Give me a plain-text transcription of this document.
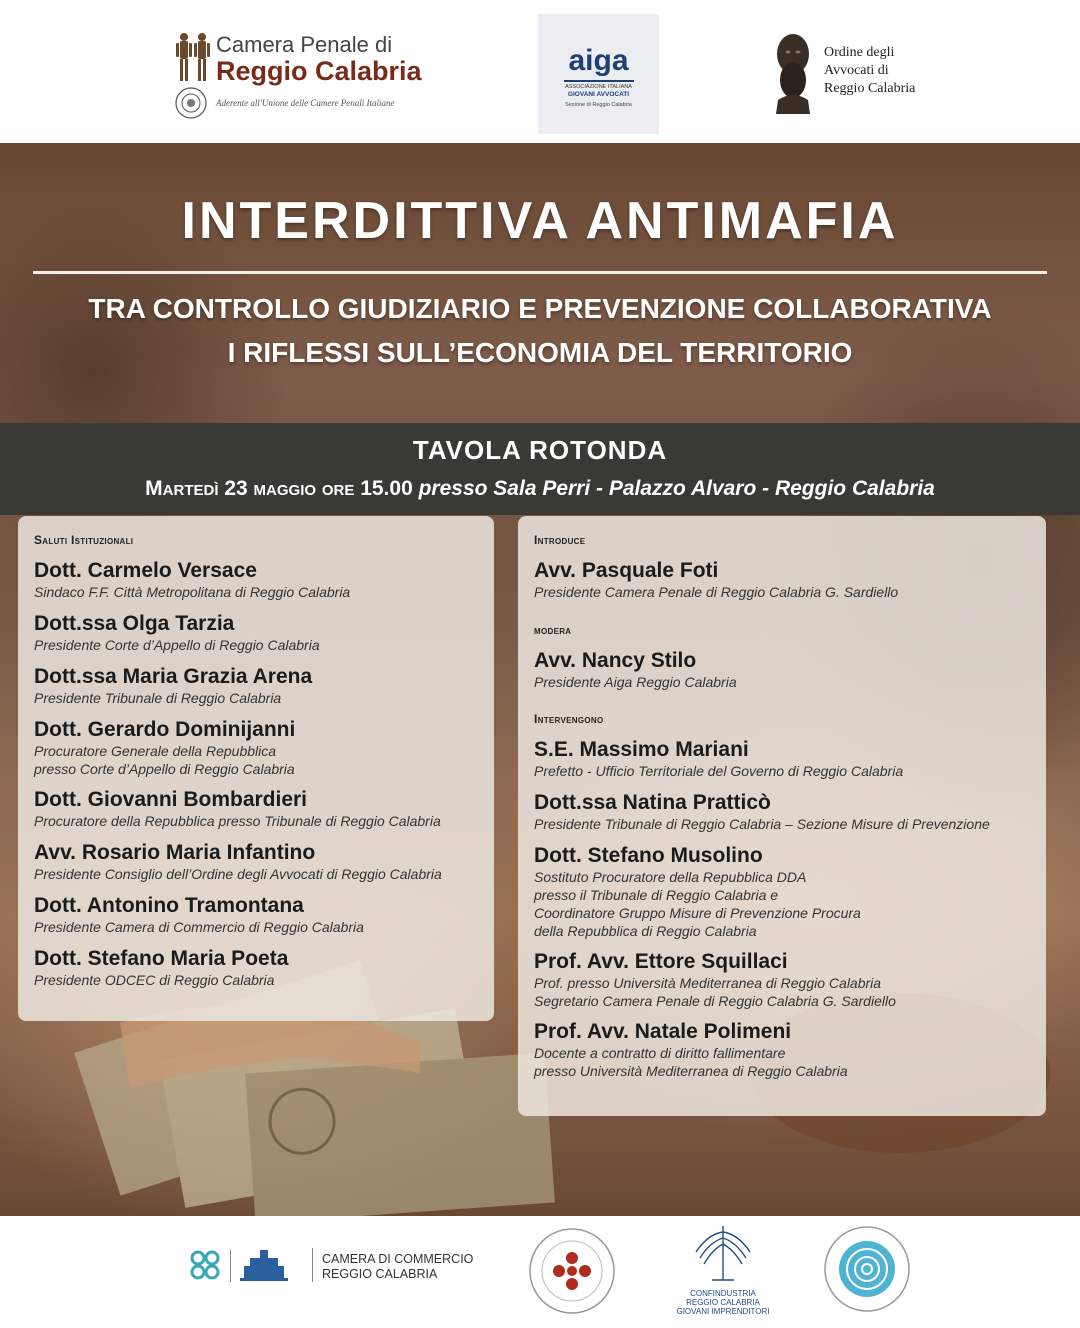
Camera Penale di
Reggio Calabria
Aderente all'Unione delle Camere Penali Italiane
aiga
ASSOCIAZIONE ITALIANA
GIOVANI AVVOCATI
Sezione di Reggio Calabria
Ordine degli
Avvocati di
Reggio Calabria
INTERDITTIVA ANTIMAFIA
TRA CONTROLLO GIUDIZIARIO E PREVENZIONE COLLABORATIVA
I RIFLESSI SULL’ECONOMIA DEL TERRITORIO
TAVOLA ROTONDA
Martedì 23 maggio ore 15.00 presso Sala Perri - Palazzo Alvaro - Reggio Calabria
Saluti Istituzionali
Dott. Carmelo Versace
Sindaco F.F. Città Metropolitana di Reggio Calabria
Dott.ssa Olga Tarzia
Presidente Corte d’Appello di Reggio Calabria
Dott.ssa Maria Grazia Arena
Presidente Tribunale di Reggio Calabria
Dott. Gerardo Dominijanni
Procuratore Generale della Repubblica
presso Corte d’Appello di Reggio Calabria
Dott. Giovanni Bombardieri
Procuratore della Repubblica presso Tribunale di Reggio Calabria
Avv. Rosario Maria Infantino
Presidente Consiglio dell’Ordine degli Avvocati di Reggio Calabria
Dott. Antonino Tramontana
Presidente Camera di Commercio di Reggio Calabria
Dott. Stefano Maria Poeta
Presidente ODCEC di Reggio Calabria
Introduce
Avv. Pasquale Foti
Presidente Camera Penale di Reggio Calabria G. Sardiello
modera
Avv. Nancy Stilo
Presidente Aiga Reggio Calabria
Intervengono
S.E. Massimo Mariani
Prefetto - Ufficio Territoriale del Governo di Reggio Calabria
Dott.ssa Natina Pratticò
Presidente Tribunale di Reggio Calabria – Sezione Misure di Prevenzione
Dott. Stefano Musolino
Sostituto Procuratore della Repubblica DDA
presso il Tribunale di Reggio Calabria e
Coordinatore Gruppo Misure di Prevenzione Procura
della Repubblica di Reggio Calabria
Prof. Avv. Ettore Squillaci
Prof. presso Università Mediterranea di Reggio Calabria
Segretario Camera Penale di Reggio Calabria G. Sardiello
Prof. Avv. Natale Polimeni
Docente a contratto di diritto fallimentare
presso Università Mediterranea di Reggio Calabria
CAMERA DI COMMERCIO
REGGIO CALABRIA
CONFINDUSTRIA
REGGIO CALABRIA
GIOVANI IMPRENDITORI
